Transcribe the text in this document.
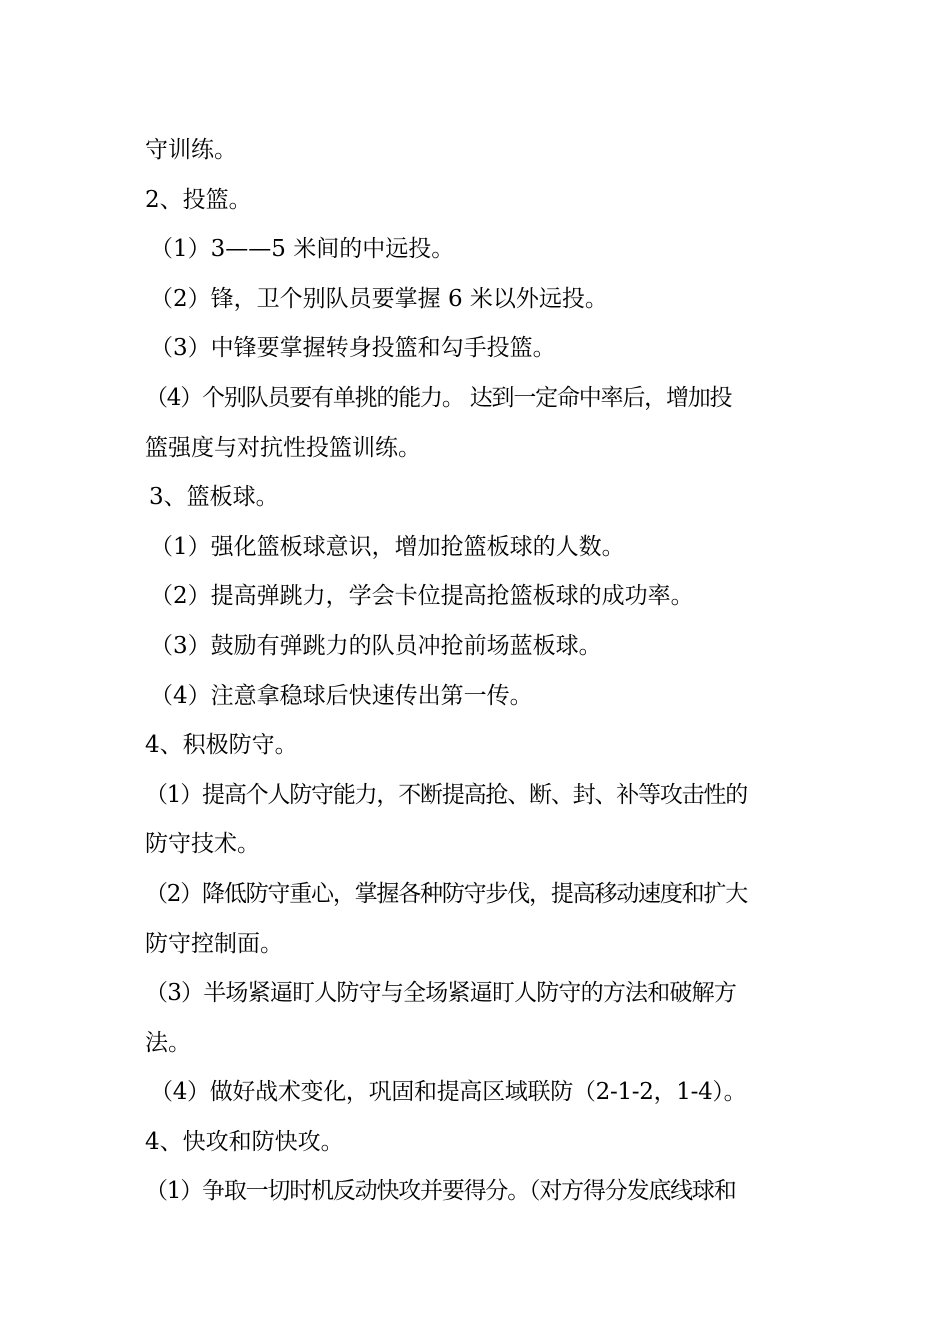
守训练。
2、投篮。
（1）3——5 米间的中远投。
（2）锋，卫个别队员要掌握 6 米以外远投。
（3）中锋要掌握转身投篮和勾手投篮。
（4）个别队员要有单挑的能力。 达到一定命中率后，增加投
篮强度与对抗性投篮训练。
3、篮板球。
（1）强化篮板球意识，增加抢篮板球的人数。
（2）提高弹跳力，学会卡位提高抢篮板球的成功率。
（3）鼓励有弹跳力的队员冲抢前场蓝板球。
（4）注意拿稳球后快速传出第一传。
4、积极防守。
（1）提高个人防守能力，不断提高抢、断、封、补等攻击性的
防守技术。
（2）降低防守重心，掌握各种防守步伐，提高移动速度和扩大
防守控制面。
（3）半场紧逼盯人防守与全场紧逼盯人防守的方法和破解方
法。
（4）做好战术变化，巩固和提高区域联防（2-1-2，1-4）。
4、快攻和防快攻。
（1）争取一切时机反动快攻并要得分。（对方得分发底线球和
